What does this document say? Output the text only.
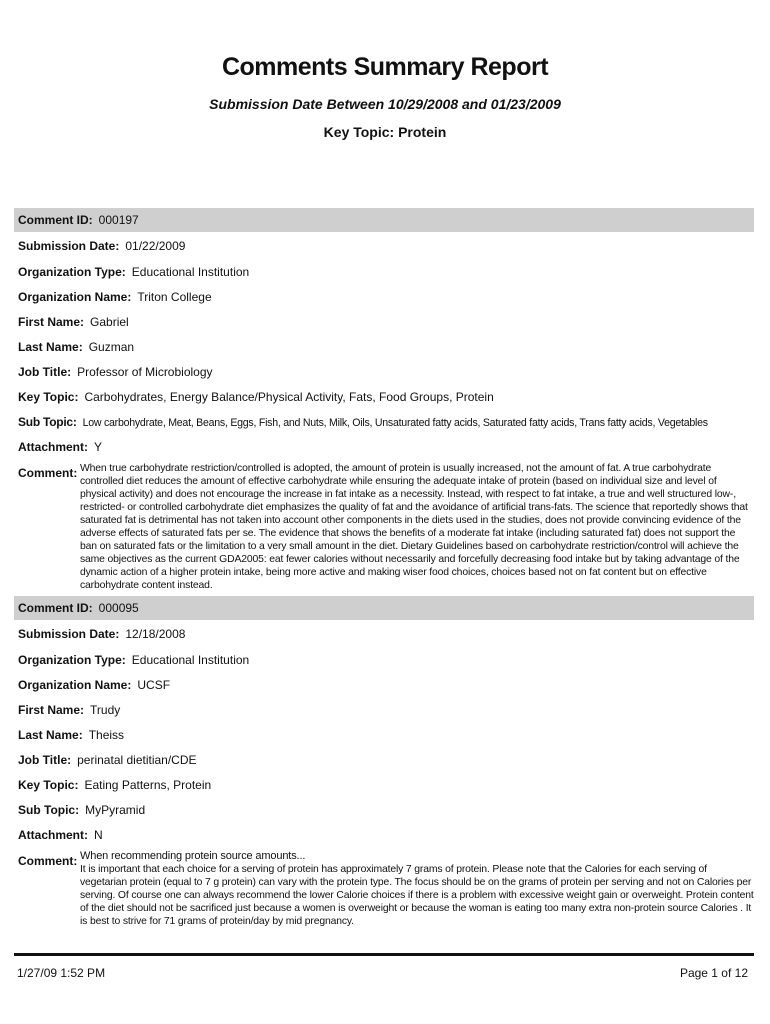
Comments Summary Report
Submission Date Between 10/29/2008 and 01/23/2009
Key Topic: Protein
Comment ID: 000197
Submission Date: 01/22/2009
Organization Type: Educational Institution
Organization Name: Triton College
First Name: Gabriel
Last Name: Guzman
Job Title: Professor of Microbiology
Key Topic: Carbohydrates, Energy Balance/Physical Activity, Fats, Food Groups, Protein
Sub Topic: Low carbohydrate, Meat, Beans, Eggs, Fish, and Nuts, Milk, Oils, Unsaturated fatty acids, Saturated fatty acids, Trans fatty acids, Vegetables
Attachment: Y
Comment: When true carbohydrate restriction/controlled is adopted, the amount of protein is usually increased, not the amount of fat. A true carbohydrate controlled diet reduces the amount of effective carbohydrate while ensuring the adequate intake of protein (based on individual size and level of physical activity) and does not encourage the increase in fat intake as a necessity. Instead, with respect to fat intake, a true and well structured low-, restricted- or controlled carbohydrate diet emphasizes the quality of fat and the avoidance of artificial trans-fats. The science that reportedly shows that saturated fat is detrimental has not taken into account other components in the diets used in the studies, does not provide convincing evidence of the adverse effects of saturated fats per se. The evidence that shows the benefits of a moderate fat intake (including saturated fat) does not support the ban on saturated fats or the limitation to a very small amount in the diet. Dietary Guidelines based on carbohydrate restriction/control will achieve the same objectives as the current GDA2005: eat fewer calories without necessarily and forcefully decreasing food intake but by taking advantage of the dynamic action of a higher protein intake, being more active and making wiser food choices, choices based not on fat content but on effective carbohydrate content instead.
Comment ID: 000095
Submission Date: 12/18/2008
Organization Type: Educational Institution
Organization Name: UCSF
First Name: Trudy
Last Name: Theiss
Job Title: perinatal dietitian/CDE
Key Topic: Eating Patterns, Protein
Sub Topic: MyPyramid
Attachment: N
Comment: When recommending protein source amounts...
It is important that each choice for a serving of protein has approximately 7 grams of protein. Please note that the Calories for each serving of vegetarian protein (equal to 7 g protein) can vary with the protein type. The focus should be on the grams of protein per serving and not on Calories per serving. Of course one can always recommend the lower Calorie choices if there is a problem with excessive weight gain or overweight. Protein content of the diet should not be sacrificed just because a women is overweight or because the woman is eating too many extra non-protein source Calories . It is best to strive for 71 grams of protein/day by mid pregnancy.
1/27/09 1:52 PM	Page 1 of 12
